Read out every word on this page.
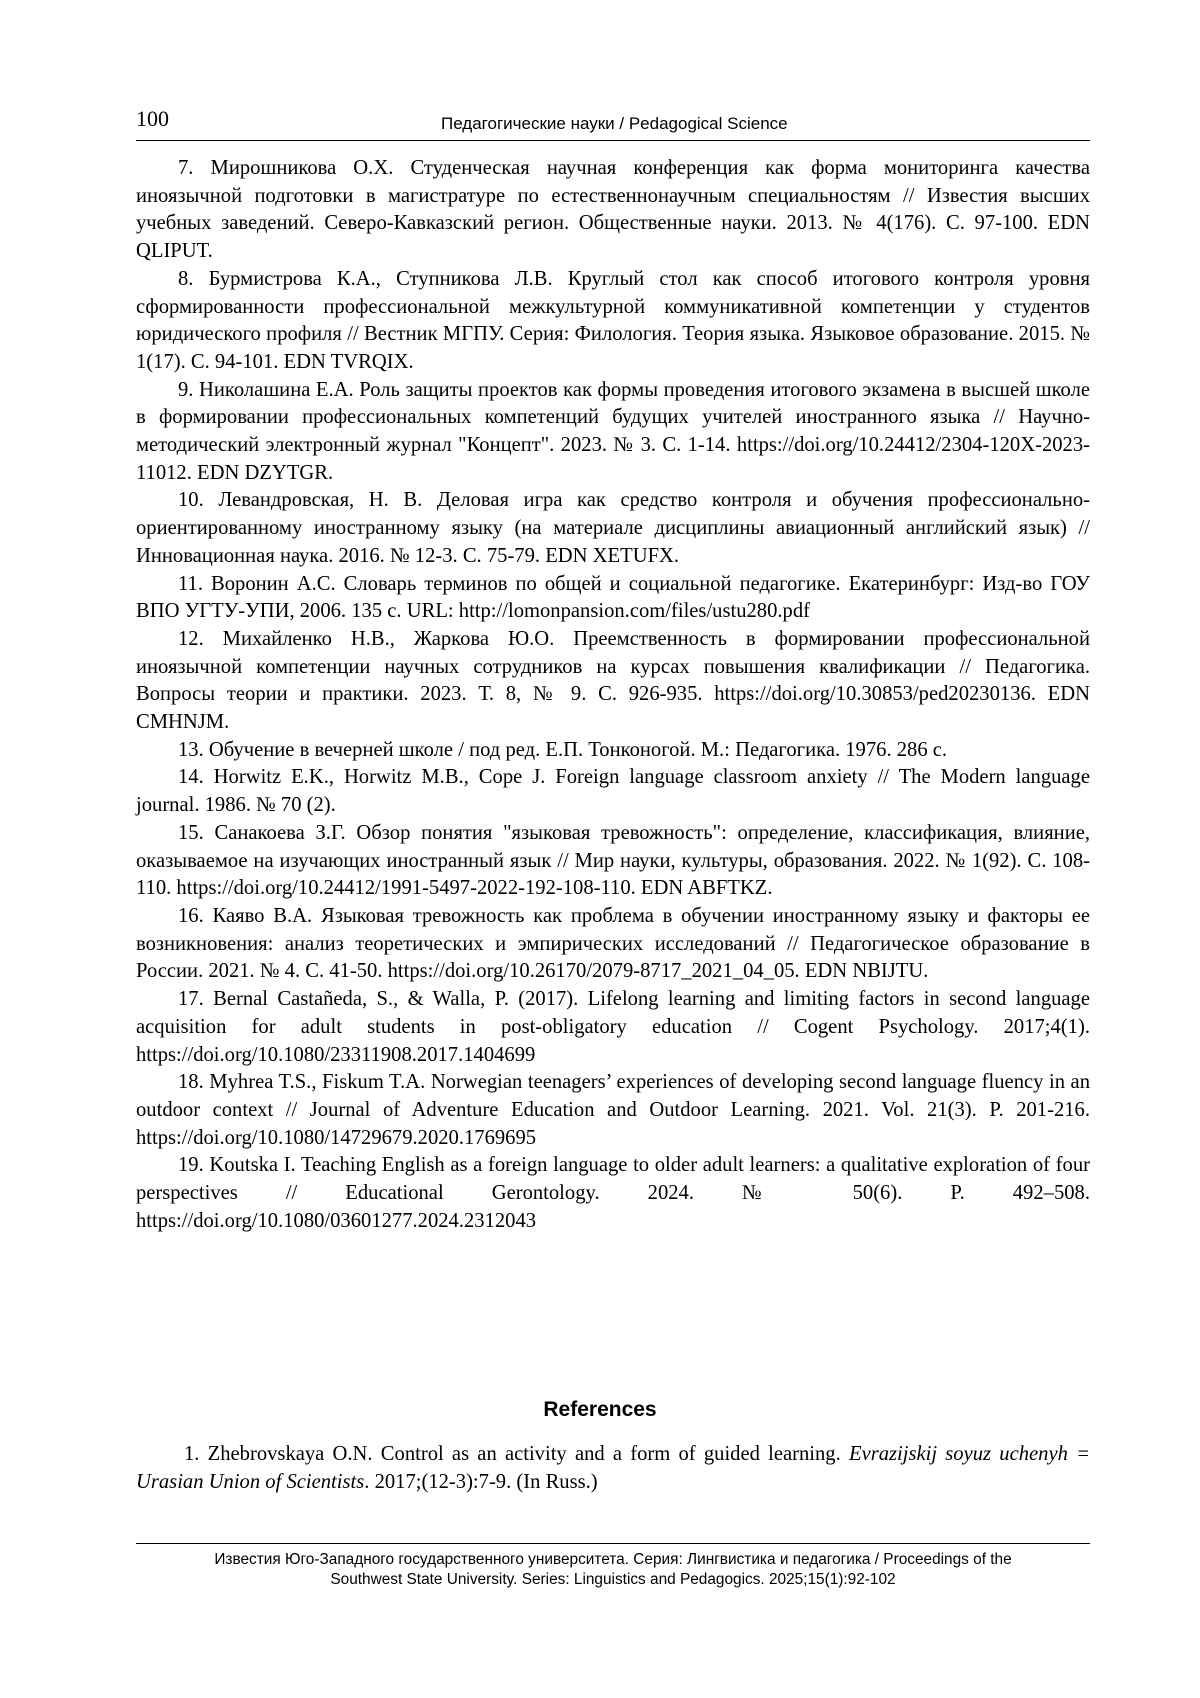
100	Педагогические науки / Pedagogical Science

7. Мирошникова О.Х. Студенческая научная конференция как форма мониторинга качества иноязычной подготовки в магистратуре по естественнонаучным специальностям // Известия высших учебных заведений. Северо-Кавказский регион. Общественные науки. 2013. № 4(176). С. 97-100. EDN QLIPUT.

8. Бурмистрова К.А., Ступникова Л.В. Круглый стол как способ итогового контроля уровня сформированности профессиональной межкультурной коммуникативной компетенции у студентов юридического профиля // Вестник МГПУ. Серия: Филология. Теория языка. Языковое образование. 2015. № 1(17). С. 94-101. EDN TVRQIX.

9. Николашина Е.А. Роль защиты проектов как формы проведения итогового экзамена в высшей школе в формировании профессиональных компетенций будущих учителей иностранного языка // Научно-методический электронный журнал "Концепт". 2023. № 3. С. 1-14. https://doi.org/10.24412/2304-120X-2023-11012. EDN DZYTGR.

10. Левандровская, Н. В. Деловая игра как средство контроля и обучения профессионально-ориентированному иностранному языку (на материале дисциплины авиационный английский язык) // Инновационная наука. 2016. № 12-3. С. 75-79. EDN XETUFX.

11. Воронин А.С. Словарь терминов по общей и социальной педагогике. Екатеринбург: Изд-во ГОУ ВПО УГТУ-УПИ, 2006. 135 с. URL: http://lomonpansion.com/files/ustu280.pdf

12. Михайленко Н.В., Жаркова Ю.О. Преемственность в формировании профессиональной иноязычной компетенции научных сотрудников на курсах повышения квалификации // Педагогика. Вопросы теории и практики. 2023. Т. 8, № 9. С. 926-935. https://doi.org/10.30853/ped20230136. EDN CMHNJM.

13. Обучение в вечерней школе / под ред. Е.П. Тонконогой. М.: Педагогика. 1976. 286 с.

14. Horwitz E.K., Horwitz M.B., Cope J. Foreign language classroom anxiety // The Modern language journal. 1986. № 70 (2).

15. Санакоева З.Г. Обзор понятия "языковая тревожность": определение, классификация, влияние, оказываемое на изучающих иностранный язык // Мир науки, культуры, образования. 2022. № 1(92). С. 108-110. https://doi.org/10.24412/1991-5497-2022-192-108-110. EDN ABFTKZ.

16. Каяво В.А. Языковая тревожность как проблема в обучении иностранному языку и факторы ее возникновения: анализ теоретических и эмпирических исследований // Педагогическое образование в России. 2021. № 4. С. 41-50. https://doi.org/10.26170/2079-8717_2021_04_05. EDN NBIJTU.

17. Bernal Castañeda, S., & Walla, P. (2017). Lifelong learning and limiting factors in second language acquisition for adult students in post-obligatory education // Cogent Psychology. 2017;4(1). https://doi.org/10.1080/23311908.2017.1404699

18. Myhrea T.S., Fiskum T.A. Norwegian teenagers’ experiences of developing second language fluency in an outdoor context // Journal of Adventure Education and Outdoor Learning. 2021. Vol. 21(3). P. 201-216. https://doi.org/10.1080/14729679.2020.1769695

19. Koutska I. Teaching English as a foreign language to older adult learners: a qualitative exploration of four perspectives // Educational Gerontology. 2024. № 50(6). P. 492–508. https://doi.org/10.1080/03601277.2024.2312043

References

1. Zhebrovskaya O.N. Control as an activity and a form of guided learning. Evrazijskij soyuz uchenyh = Urasian Union of Scientists. 2017;(12-3):7-9. (In Russ.)

Известия Юго-Западного государственного университета. Серия: Лингвистика и педагогика / Proceedings of the
Southwest State University. Series: Linguistics and Pedagogics. 2025;15(1):92-102
